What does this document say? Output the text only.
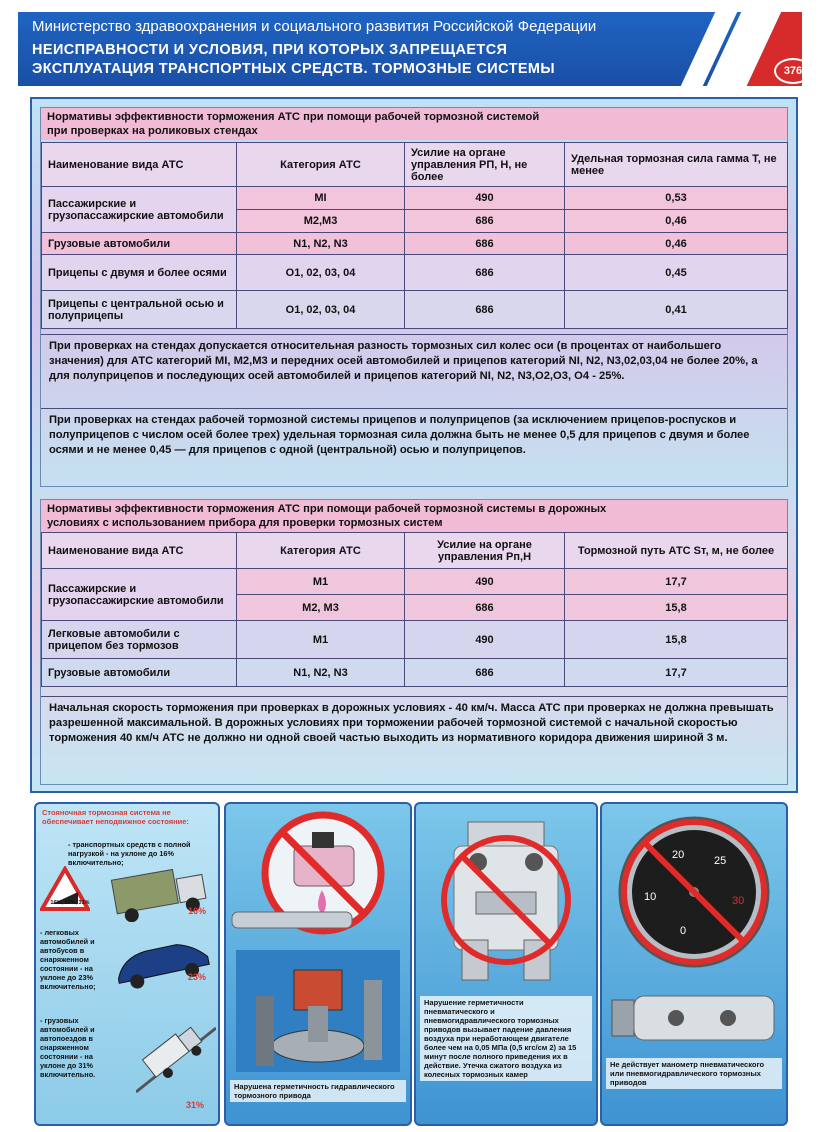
Министерство здравоохранения и социального развития Российской Федерации
НЕИСПРАВНОСТИ И УСЛОВИЯ, ПРИ КОТОРЫХ ЗАПРЕЩАЕТСЯ
ЭКСПЛУАТАЦИЯ ТРАНСПОРТНЫХ СРЕДСТВ. ТОРМОЗНЫЕ СИСТЕМЫ	376
Нормативы эффективности торможения АТС при помощи рабочей тормозной системой
при проверках на роликовых стендах
Наименование вида АТС	Категория АТС	Усилие на органе управления РП, Н, не более	Удельная тормозная сила гамма Т, не менее
Пассажирские и грузопассажирские автомобили	MI	490	0,53
	M2,M3	686	0,46
Грузовые автомобили	N1, N2, N3	686	0,46
Прицепы с двумя и более осями	O1, 02, 03, 04	686	0,45
Прицепы с центральной осью и полуприцепы	O1, 02, 03, 04	686	0,41
При проверках на стендах допускается относительная разность тормозных сил колес оси (в процентах от наибольшего значения) для АТС категорий MI, M2,M3 и передних осей автомобилей и прицепов категорий NI, N2, N3,02,03,04 не более 20%, а для полуприцепов и последующих осей автомобилей и прицепов категорий NI, N2, N3,O2,O3, O4 - 25%.
При проверках на стендах рабочей тормозной системы прицепов и полуприцепов (за исключением прицепов-роспусков и полуприцепов с числом осей более трех) удельная тормозная сила должна быть не менее 0,5 для прицепов с двумя и более осями и не менее 0,45 — для прицепов с одной (центральной) осью и полуприцепов.
Нормативы эффективности торможения АТС при помощи рабочей тормозной системы в дорожных
условиях с использованием прибора для проверки тормозных систем
Наименование вида АТС	Категория АТС	Усилие на органе управления Рп,Н	Тормозной путь АТС Sт, м, не более
Пассажирские и грузопассажирские автомобили	M1	490	17,7
	M2, M3	686	15,8
Легковые автомобили с прицепом без тормозов	M1	490	15,8
Грузовые автомобили	N1, N2, N3	686	17,7
Начальная скорость торможения при проверках в дорожных условиях - 40 км/ч. Масса АТС при проверках не должна превышать разрешенной максимальной. В дорожных условиях при торможении рабочей тормозной системой с начальной скоростью торможения 40 км/ч АТС не должно ни одной своей частью выходить из нормативного коридора движения шириной 3 м.
Стояночная тормозная система не обеспечивает неподвижное состояние:
- транспортных средств с полной нагрузкой - на уклоне до 16% включительно;
- легковых автомобилей и автобусов в снаряженном состоянии - на уклоне до 23% включительно;
- грузовых автомобилей и автопоездов в снаряженном состоянии - на уклоне до 31% включительно.
16%, 23%, 31%
16%
23%
31%
Нарушена герметичность гидравлического тормозного привода
Нарушение герметичности пневматического и пневмогидравлического тормозных приводов вызывает падение давления воздуха при неработающем двигателе более чем на 0,05 МПа (0,5 кгс/см 2) за 15 минут после полного приведения их в действие. Утечка сжатого воздуха из колесных тормозных камер
0
10
20	25
30
Не действует манометр пневматического или пневмогидравлического тормозных приводов
